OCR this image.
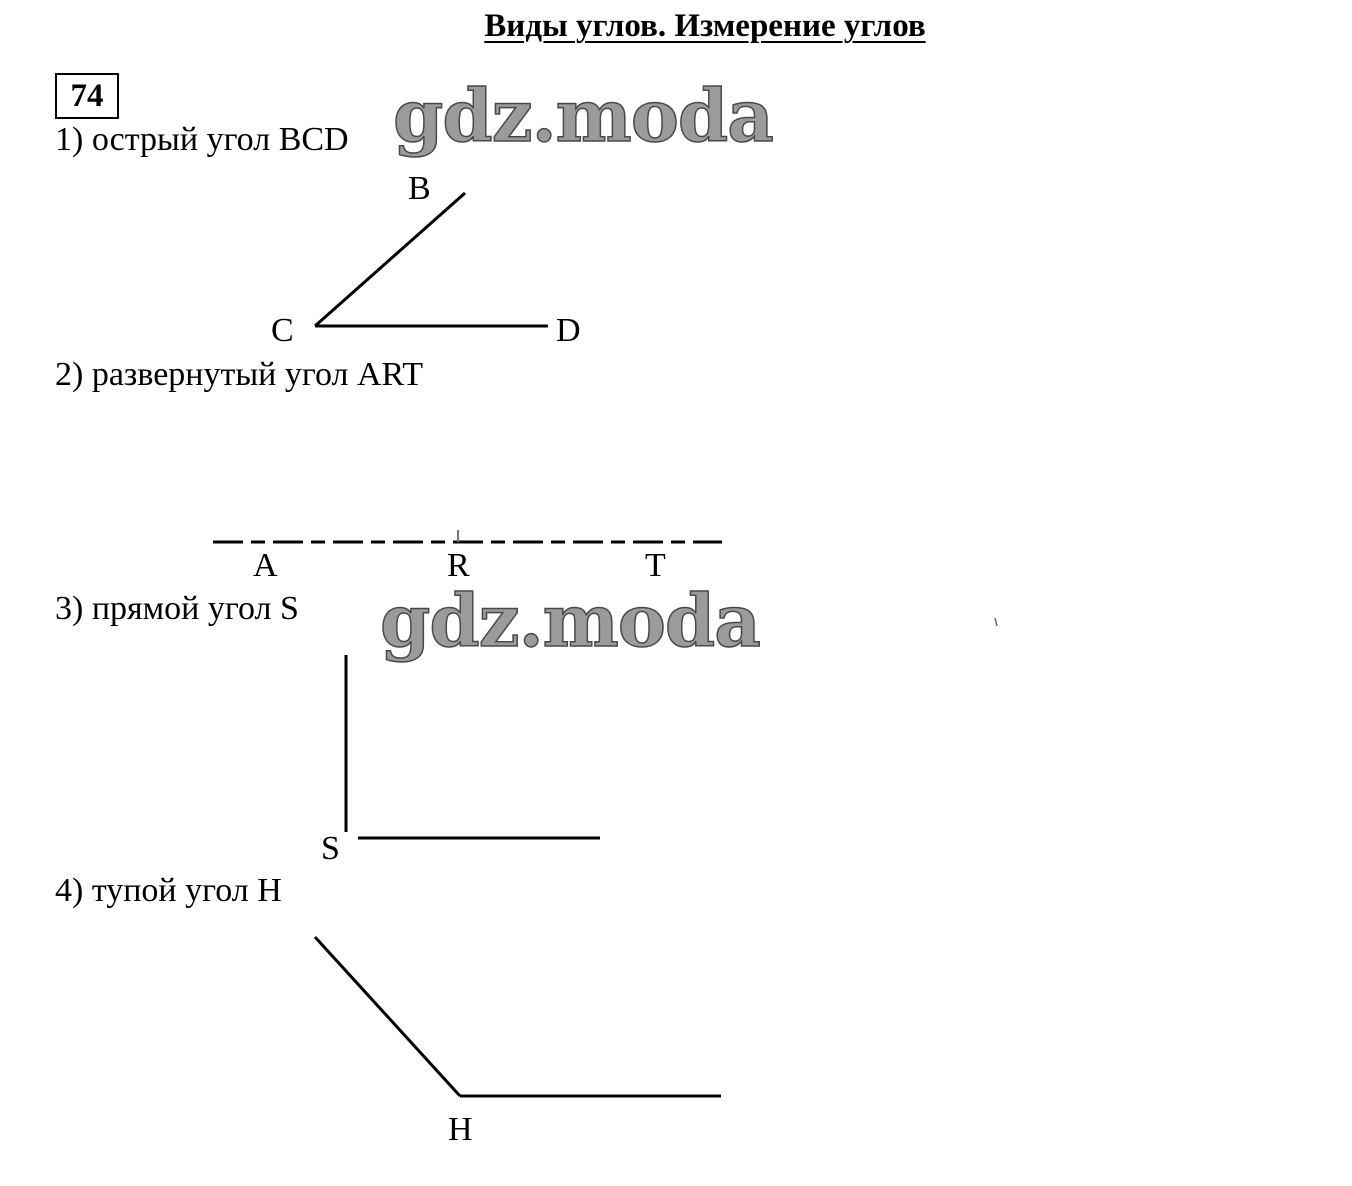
Виды углов. Измерение углов
74
1) острый угол BCD
2) развернутый угол ART
3) прямой угол S
4) тупой угол H
B
C	D
A	R	T
S
H
gdz.moda
gdz.moda
